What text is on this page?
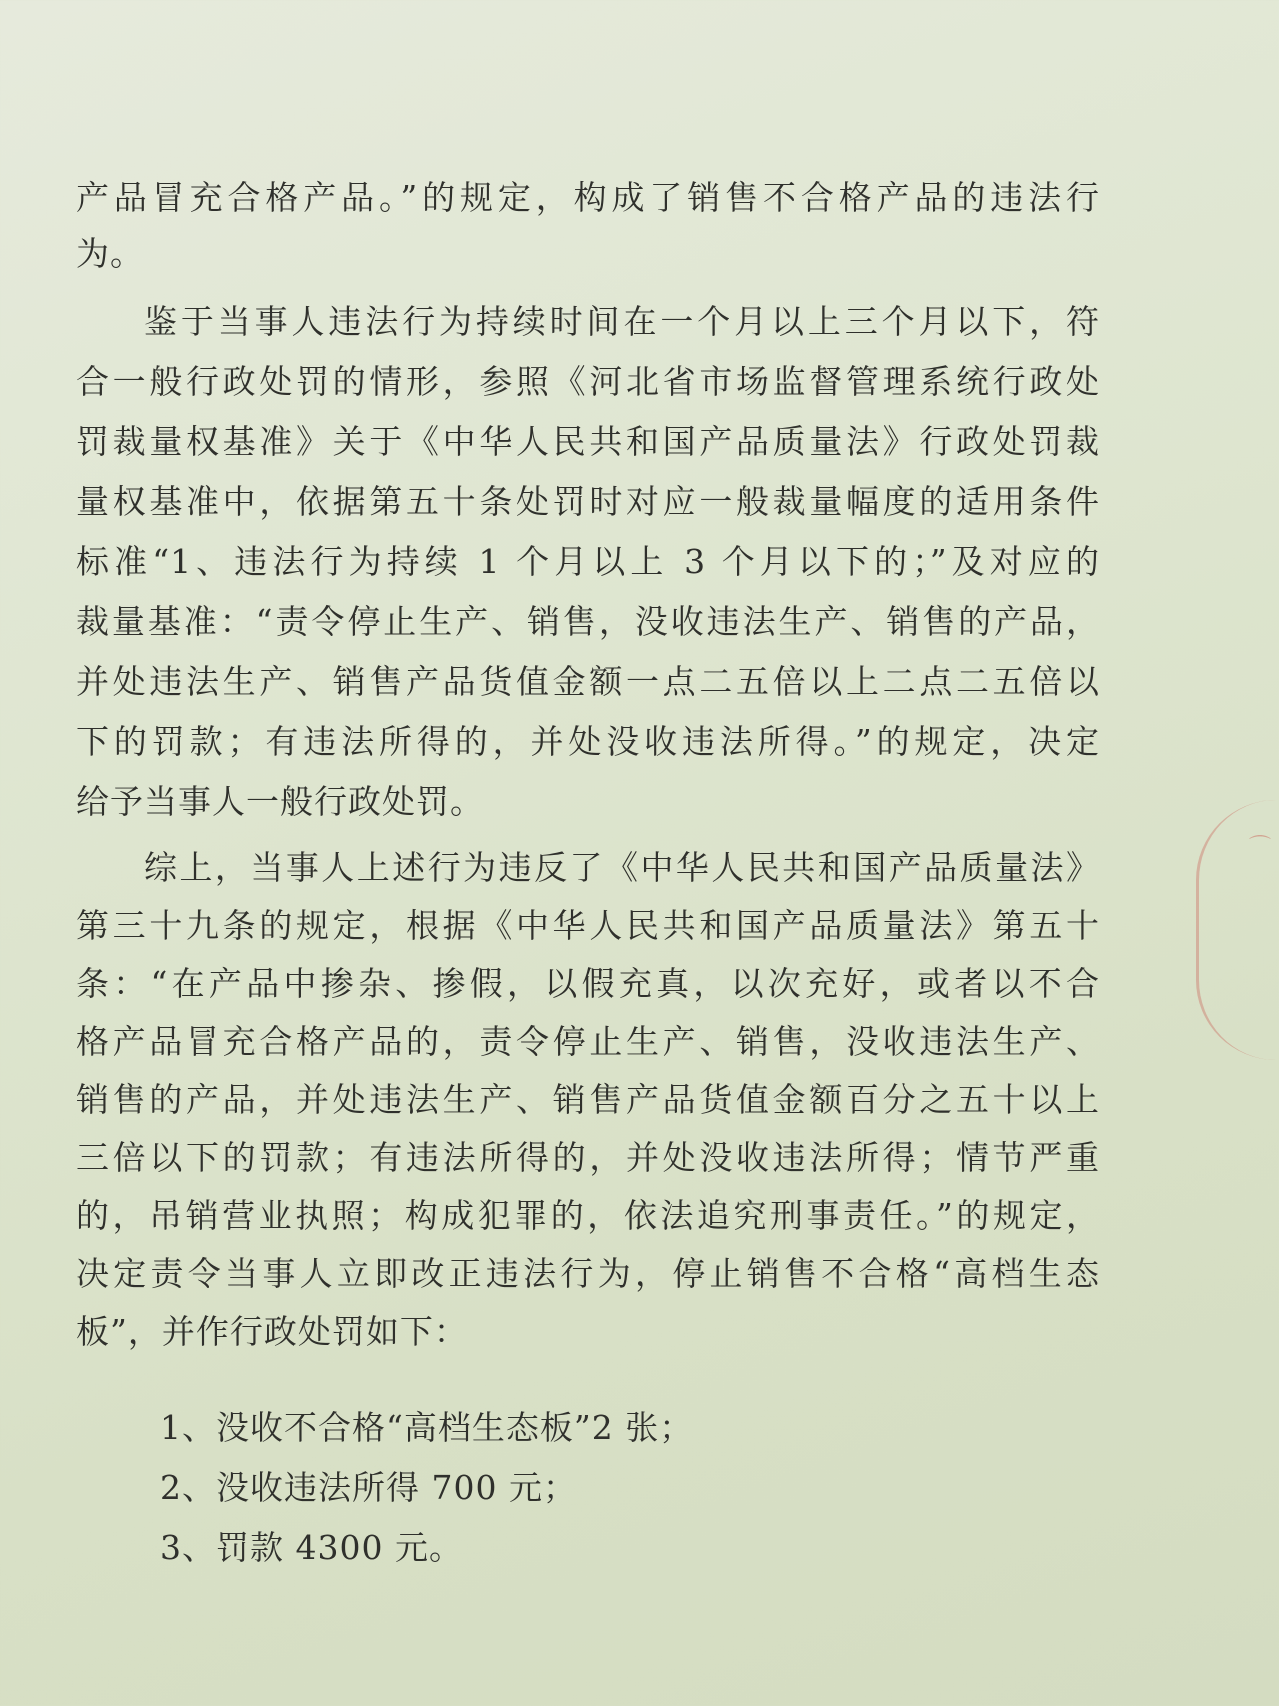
产品冒充合格产品。”的规定，构成了销售不合格产品的违法行
为。
鉴于当事人违法行为持续时间在一个月以上三个月以下，符
合一般行政处罚的情形，参照《河北省市场监督管理系统行政处
罚裁量权基准》关于《中华人民共和国产品质量法》行政处罚裁
量权基准中，依据第五十条处罚时对应一般裁量幅度的适用条件
标准“1、违法行为持续 1 个月以上 3 个月以下的；”及对应的
裁量基准：“责令停止生产、销售，没收违法生产、销售的产品，
并处违法生产、销售产品货值金额一点二五倍以上二点二五倍以
下的罚款；有违法所得的，并处没收违法所得。”的规定，决定
给予当事人一般行政处罚。
综上，当事人上述行为违反了《中华人民共和国产品质量法》
第三十九条的规定，根据《中华人民共和国产品质量法》第五十
条：“在产品中掺杂、掺假，以假充真，以次充好，或者以不合
格产品冒充合格产品的，责令停止生产、销售，没收违法生产、
销售的产品，并处违法生产、销售产品货值金额百分之五十以上
三倍以下的罚款；有违法所得的，并处没收违法所得；情节严重
的，吊销营业执照；构成犯罪的，依法追究刑事责任。”的规定，
决定责令当事人立即改正违法行为，停止销售不合格“高档生态
板”，并作行政处罚如下：
1、没收不合格“高档生态板”2 张；
2、没收违法所得 700 元；
3、罚款 4300 元。
⌒
